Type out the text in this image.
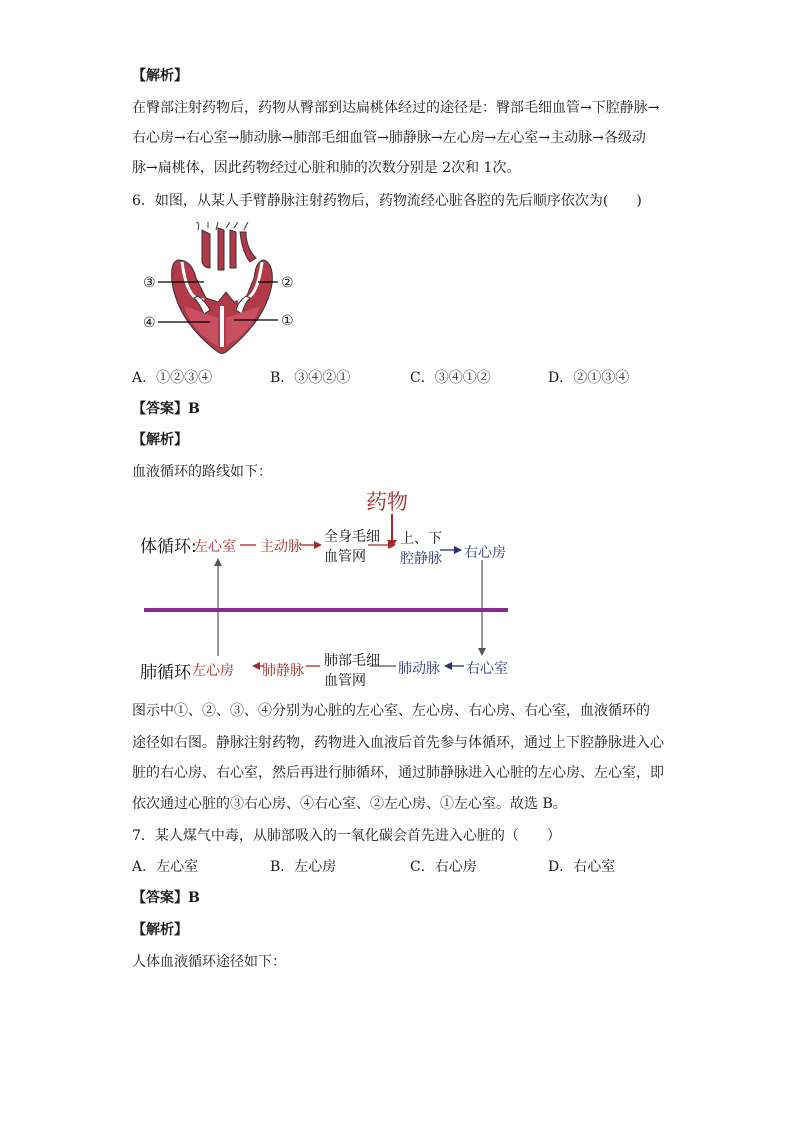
【解析】
在臀部注射药物后，药物从臀部到达扁桃体经过的途径是：臀部毛细血管→下腔静脉→
右心房→右心室→肺动脉→肺部毛细血管→肺静脉→左心房→左心室→主动脉→各级动
脉→扁桃体，因此药物经过心脏和肺的次数分别是 2次和 1次。
6．如图，从某人手臂静脉注射药物后，药物流经心脏各腔的先后顺序依次为(　　)
③
④
②
①
A．①②③④	B．③④②①	C．③④①②	D．②①③④
【答案】B
【解析】
血液循环的路线如下：
药物
体循环:
左心室 主动脉
全身毛细
血管网
上、下
腔静脉 右心房
肺循环 左心房 肺静脉
肺部毛细
血管网
肺动脉 右心室
图示中①、②、③、④分别为心脏的左心室、左心房、右心房、右心室，血液循环的
途径如右图。静脉注射药物，药物进入血液后首先参与体循环，通过上下腔静脉进入心
脏的右心房、右心室，然后再进行肺循环，通过肺静脉进入心脏的左心房、左心室，即
依次通过心脏的③右心房、④右心室、②左心房、①左心室。故选 B。
7．某人煤气中毒，从肺部吸入的一氧化碳会首先进入心脏的（　　）
A．左心室	B．左心房	C．右心房	D．右心室
【答案】B
【解析】
人体血液循环途径如下：
